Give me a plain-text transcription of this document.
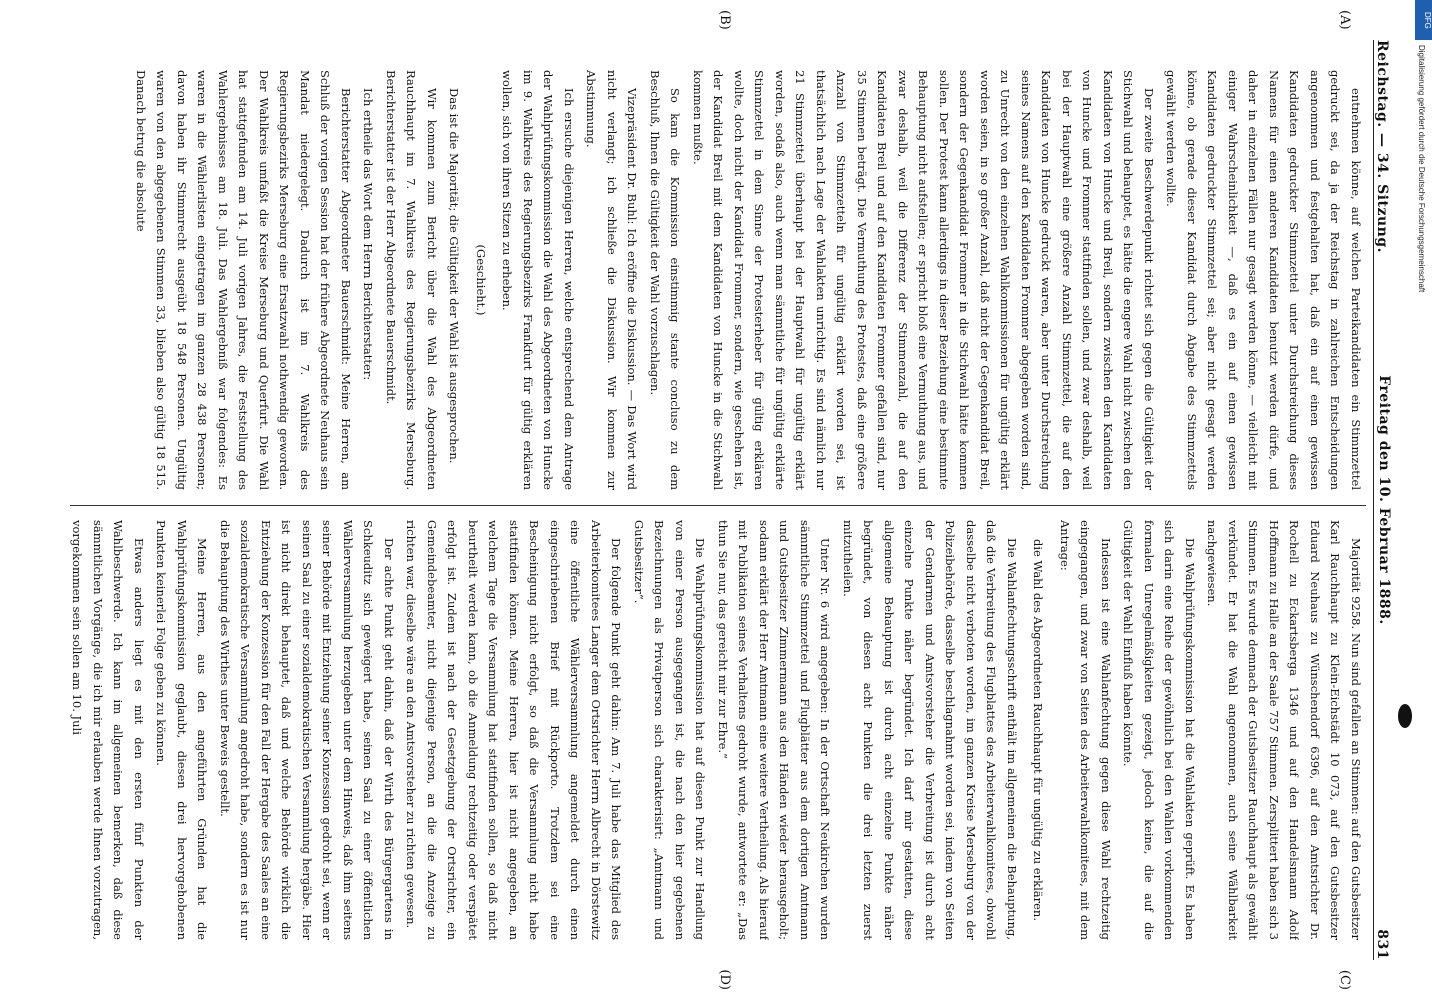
DFG
Digitalisierung gefördert durch die Deutsche Forschungsgemeinschaft
Reichstag. — 34. Sitzung.
Freitag den 10. Februar 1888.
831
(A)
(B)
(C)
(D)

entnehmen könne, auf welchen Parteikandidaten ein Stimmzettel gedruckt sei, da ja der Reichstag in zahlreichen Entscheidungen angenommen und festgehalten hat, daß ein auf einen gewissen Kandidaten gedruckter Stimmzettel unter Durchstreichung dieses Namens für einen anderen Kandidaten benutzt werden dürfe, und daher in einzelnen Fällen nur gesagt werden könne, — vielleicht mit einiger Wahrscheinlichkeit —, daß es ein auf einen gewissen Kandidaten gedruckter Stimmzettel sei; aber nicht gesagt werden könne, ob gerade dieser Kandidat durch Abgabe des Stimmzettels gewählt werden wollte.

Der zweite Beschwerdepunkt richtet sich gegen die Gültigkeit der Stichwahl und behauptet, es hätte die engere Wahl nicht zwischen den Kandidaten von Huncke und Breil, sondern zwischen den Kandidaten von Huncke und Frommer stattfinden sollen, und zwar deshalb, weil bei der Hauptwahl eine größere Anzahl Stimmzettel, die auf den Kandidaten von Huncke gedruckt waren, aber unter Durchstreichung seines Namens auf den Kandidaten Frommer abgegeben worden sind, zu Unrecht von den einzelnen Wahlkommissionen für ungültig erklärt worden seien, in so großer Anzahl, daß nicht der Gegenkandidat Breil, sondern der Gegenkandidat Frommer in die Stichwahl hätte kommen sollen. Der Protest kann allerdings in dieser Beziehung eine bestimmte Behauptung nicht aufstellen; er spricht bloß eine Vermuthung aus, und zwar deshalb, weil die Differenz der Stimmenzahl, die auf den Kandidaten Breil und auf den Kandidaten Frommer gefallen sind, nur 35 Stimmen beträgt. Die Vermuthung des Protestes, daß eine größere Anzahl von Stimmzetteln für ungültig erklärt worden sei, ist thatsächlich nach Lage der Wahlakten unrichtig. Es sind nämlich nur 21 Stimmzettel überhaupt bei der Hauptwahl für ungültig erklärt worden, sodaß also, auch wenn man sämmtliche für ungültig erklärte Stimmzettel in dem Sinne der Protesterheber für gültig erklären wollte, doch nicht der Kandidat Frommer, sondern, wie geschehen ist, der Kandidat Breil mit dem Kandidaten von Huncke in die Stichwahl kommen mußte.

So kam die Kommission einstimmig stante concluso zu dem Beschluß, Ihnen die Gültigkeit der Wahl vorzuschlagen.

Vizepräsident Dr. Buhl: Ich eröffne die Diskussion. — Das Wort wird nicht verlangt; ich schließe die Diskussion. Wir kommen zur Abstimmung.

Ich ersuche diejenigen Herren, welche entsprechend dem Antrage der Wahlprüfungskommission die Wahl des Abgeordneten von Huncke im 9. Wahlkreis des Regierungsbezirks Frankfurt für gültig erklären wollen, sich von ihren Sitzen zu erheben.

(Geschieht.)

Das ist die Majorität; die Gültigkeit der Wahl ist ausgesprochen.

Wir kommen zum Bericht über die Wahl des Abgeordneten Rauchhaupt im 7. Wahlkreis des Regierungsbezirks Merseburg. Berichterstatter ist der Herr Abgeordnete Bauerschmidt.

Ich ertheile das Wort dem Herrn Berichterstatter:

Berichterstatter Abgeordneter Bauerschmidt: Meine Herren, am Schluß der vorigen Session hat der frühere Abgeordnete Neuhaus sein Mandat niedergelegt. Dadurch ist im 7. Wahlkreis des Regierungsbezirks Merseburg eine Ersatzwahl nothwendig geworden. Der Wahlkreis umfaßt die Kreise Merseburg und Querfurt. Die Wahl hat stattgefunden am 14. Juli vorigen Jahres, die Feststellung des Wahlergebnisses am 18. Juli. Das Wahlergebniß war folgendes: Es waren in die Wählerlisten eingetragen im ganzen 28 438 Personen; davon haben ihr Stimmrecht ausgeübt 18 548 Personen. Ungültig waren von den abgegebenen Stimmen 33, blieben also gültig 18 515. Danach betrug die absolute

Majorität 9258. Nun sind gefallen an Stimmen: auf den Gutsbesitzer Karl Rauchhaupt zu Klein-Eichstädt 10 073, auf den Gutsbesitzer Eduard Neuhaus zu Wünschendorf 6396, auf den Amtsrichter Dr. Rochell zu Eckartsberga 1346 und auf den Handelsmann Adolf Hoffmann zu Halle an der Saale 757 Stimmen. Zersplittert haben sich 3 Stimmen. Es wurde demnach der Gutsbesitzer Rauchhaupt als gewählt verkündet. Er hat die Wahl angenommen, auch seine Wählbarkeit nachgewiesen.

Die Wahlprüfungskommission hat die Wahlakten geprüft. Es haben sich darin eine Reihe der gewöhnlich bei den Wahlen vorkommenden formalen Unregelmäßigkeiten gezeigt, jedoch keine, die auf die Gültigkeit der Wahl Einfluß haben könnte.

Indessen ist eine Wahlanfechtung gegen diese Wahl rechtzeitig eingegangen, und zwar von Seiten des Arbeiterwahlkomitees, mit dem Antrage:

die Wahl des Abgeordneten Rauchhaupt für ungültig zu erklären.

Die Wahlanfechtungsschrift enthält im allgemeinen die Behauptung, daß die Verbreitung des Flugblattes des Arbeiterwahlkomitees, obwohl dasselbe nicht verboten worden, im ganzen Kreise Merseburg von der Polizeibehörde, dasselbe beschlagnahmt worden sei, indem von Seiten der Gendarmen und Amtsvorsteher die Verbreitung ist durch acht einzelne Punkte näher begründet. Ich darf mir gestatten, diese allgemeine Behauptung ist durch acht einzelne Punkte näher begründet, von diesen acht Punkten die drei letzten zuerst mitzutheilen.

Unter Nr. 6 wird angegeben: In der Ortschaft Neukirchen wurden sämmtliche Stimmzettel und Flugblätter aus dem dortigen Amtmann und Gutsbesitzer Zimmermann aus den Händen wieder herausgeholt; sodann erklärt der Herr Amtmann eine weitere Vertheilung. Als hierauf mit Publikation seines Verhaltens gedroht wurde, antwortete er: „Das thun Sie nur, das gereicht mir zur Ehre.“

Die Wahlprüfungskommission hat auf diesen Punkt zur Handlung von einer Person ausgegangen ist, die nach den hier gegebenen Bezeichnungen als Privatperson sich charakterisirt: „Amtmann und Gutsbesitzer“.

Der folgende Punkt geht dahin: Am 7. Juli habe das Mitglied des Arbeiterkomitees Langer dem Ortsrichter Herrn Albrecht in Dörstewitz eine öffentliche Wählerversammlung angemeldet durch einen eingeschriebenen Brief mit Rückporto. Trotzdem sei eine Bescheinigung nicht erfolgt, so daß die Versammlung nicht habe stattfinden können. Meine Herren, hier ist nicht angegeben, an welchem Tage die Versammlung hat stattfinden sollen, so daß nicht beurtheilt werden kann, ob die Anmeldung rechtzeitig oder verspätet erfolgt ist. Zudem ist nach der Gesetzgebung der Ortsrichter, ein Gemeindebeamter, nicht diejenige Person, an die die Anzeige zu richten war, dieselbe wäre an den Amtsvorsteher zu richten gewesen.

Der achte Punkt geht dahin, daß der Wirth des Bürgergartens in Schkeuditz sich geweigert habe, seinen Saal zu einer öffentlichen Wählerversammlung herzugeben unter dem Hinweis, daß ihm seitens seiner Behörde mit Entziehung seiner Konzession gedroht sei, wenn er seinen Saal zu einer sozialdemokratischen Versammlung hergäbe. Hier ist nicht direkt behauptet, daß und welche Behörde wirklich die Entziehung der Konzession für den Fall der Hergabe des Saales an eine sozialdemokratische Versammlung angedroht habe, sondern es ist nur die Behauptung des Wirthes unter Beweis gestellt.

Meine Herren, aus den angeführten Gründen hat die Wahlprüfungskommission geglaubt, diesen drei hervorgehobenen Punkten keinerlei Folge geben zu können.

Etwas anders liegt es mit den ersten fünf Punkten der Wahlbeschwerde. Ich kann im allgemeinen bemerken, daß diese sämmtlichen Vorgänge, die ich mir erlauben werde Ihnen vorzutragen, vorgekommen sein sollen am 10. Juli
